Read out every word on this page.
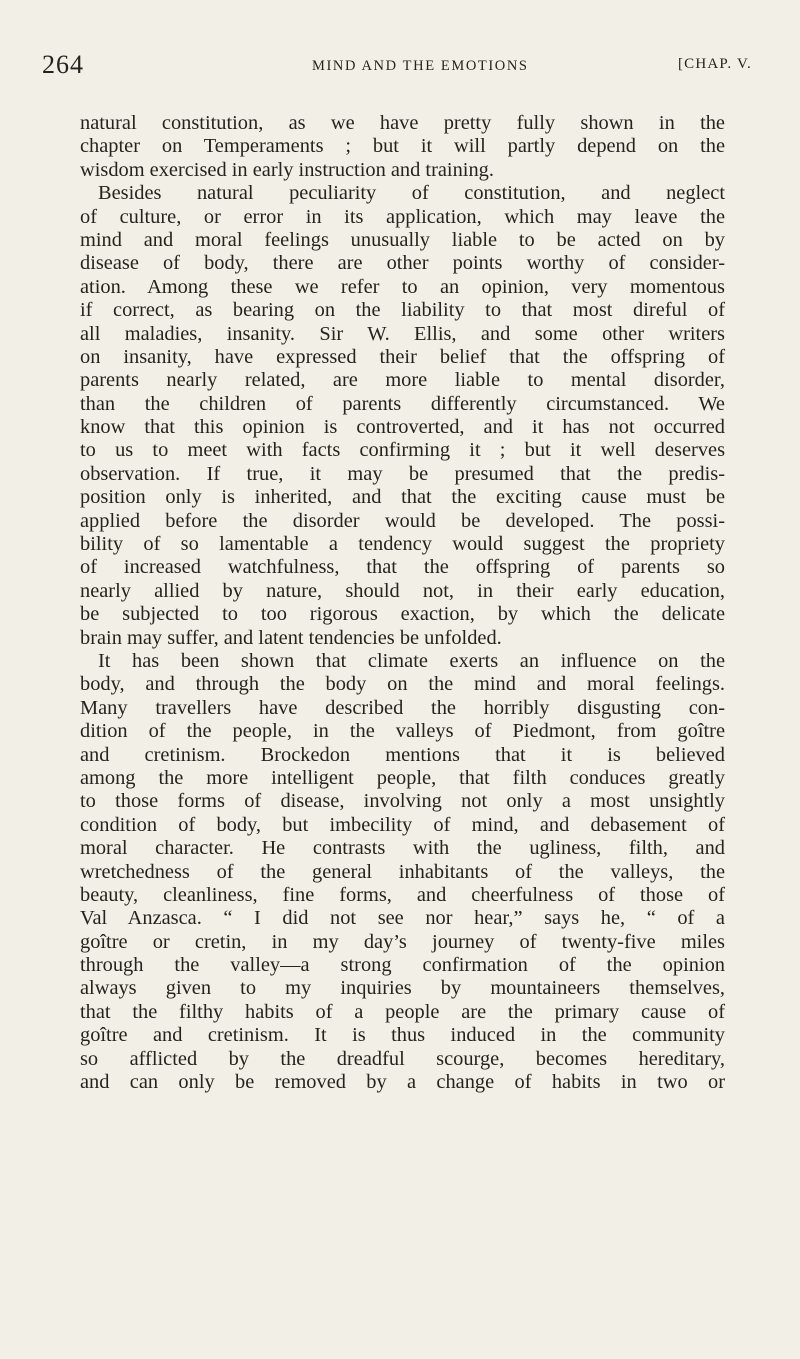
264	MIND AND THE EMOTIONS	[CHAP. V.
natural constitution, as we have pretty fully shown in the
chapter on Temperaments ; but it will partly depend on the
wisdom exercised in early instruction and training.
Besides natural peculiarity of constitution, and neglect
of culture, or error in its application, which may leave the
mind and moral feelings unusually liable to be acted on by
disease of body, there are other points worthy of consider-
ation. Among these we refer to an opinion, very momentous
if correct, as bearing on the liability to that most direful of
all maladies, insanity. Sir W. Ellis, and some other writers
on insanity, have expressed their belief that the offspring of
parents nearly related, are more liable to mental disorder,
than the children of parents differently circumstanced. We
know that this opinion is controverted, and it has not occurred
to us to meet with facts confirming it ; but it well deserves
observation. If true, it may be presumed that the predis-
position only is inherited, and that the exciting cause must be
applied before the disorder would be developed. The possi-
bility of so lamentable a tendency would suggest the propriety
of increased watchfulness, that the offspring of parents so
nearly allied by nature, should not, in their early education,
be subjected to too rigorous exaction, by which the delicate
brain may suffer, and latent tendencies be unfolded.
It has been shown that climate exerts an influence on the
body, and through the body on the mind and moral feelings.
Many travellers have described the horribly disgusting con-
dition of the people, in the valleys of Piedmont, from goître
and cretinism. Brockedon mentions that it is believed
among the more intelligent people, that filth conduces greatly
to those forms of disease, involving not only a most unsightly
condition of body, but imbecility of mind, and debasement of
moral character. He contrasts with the ugliness, filth, and
wretchedness of the general inhabitants of the valleys, the
beauty, cleanliness, fine forms, and cheerfulness of those of
Val Anzasca. “ I did not see nor hear,” says he, “ of a
goître or cretin, in my day’s journey of twenty-five miles
through the valley—a strong confirmation of the opinion
always given to my inquiries by mountaineers themselves,
that the filthy habits of a people are the primary cause of
goître and cretinism. It is thus induced in the community
so afflicted by the dreadful scourge, becomes hereditary,
and can only be removed by a change of habits in two or
